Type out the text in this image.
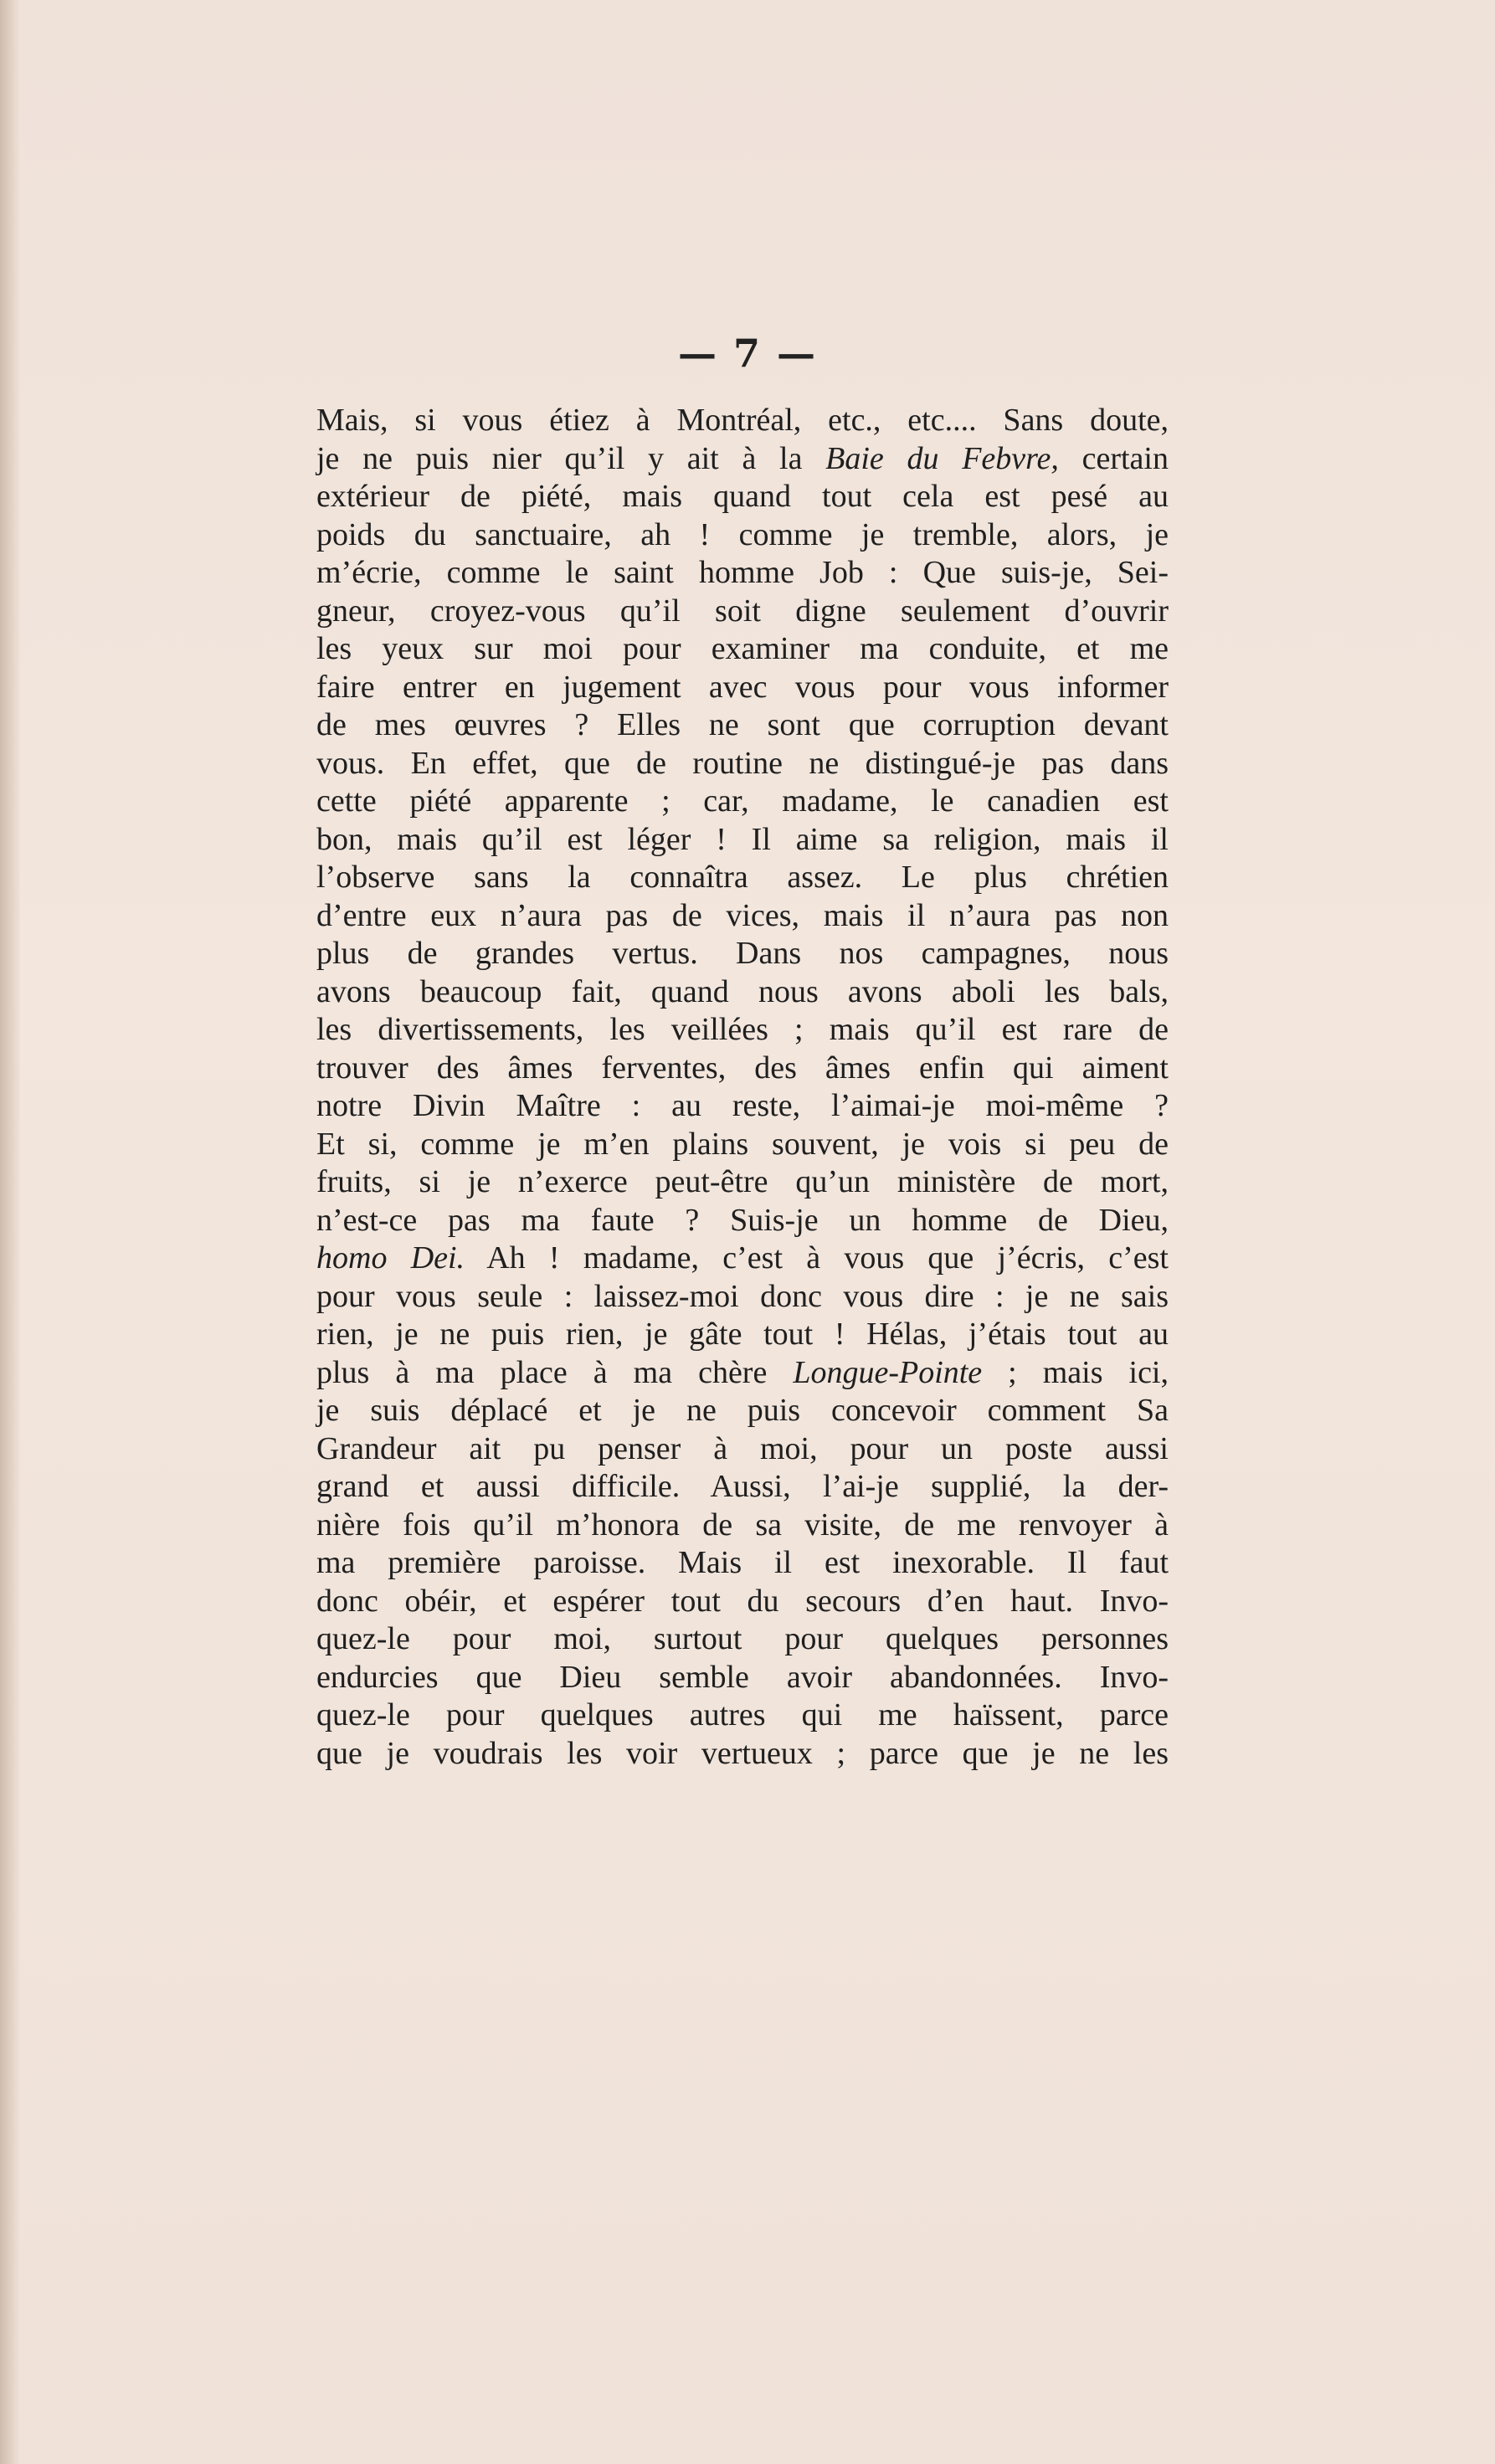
— 7 —
Mais, si vous étiez à Montréal, etc., etc.... Sans doute,
je ne puis nier qu’il y ait à la Baie du Febvre, certain
extérieur de piété, mais quand tout cela est pesé au
poids du sanctuaire, ah ! comme je tremble, alors, je
m’écrie, comme le saint homme Job : Que suis-je, Sei-
gneur, croyez-vous qu’il soit digne seulement d’ouvrir
les yeux sur moi pour examiner ma conduite, et me
faire entrer en jugement avec vous pour vous informer
de mes œuvres ? Elles ne sont que corruption devant
vous. En effet, que de routine ne distingué-je pas dans
cette piété apparente ; car, madame, le canadien est
bon, mais qu’il est léger ! Il aime sa religion, mais il
l’observe sans la connaîtra assez. Le plus chrétien
d’entre eux n’aura pas de vices, mais il n’aura pas non
plus de grandes vertus. Dans nos campagnes, nous
avons beaucoup fait, quand nous avons aboli les bals,
les divertissements, les veillées ; mais qu’il est rare de
trouver des âmes ferventes, des âmes enfin qui aiment
notre Divin Maître : au reste, l’aimai-je moi-même ?
Et si, comme je m’en plains souvent, je vois si peu de
fruits, si je n’exerce peut-être qu’un ministère de mort,
n’est-ce pas ma faute ? Suis-je un homme de Dieu,
homo Dei. Ah ! madame, c’est à vous que j’écris, c’est
pour vous seule : laissez-moi donc vous dire : je ne sais
rien, je ne puis rien, je gâte tout ! Hélas, j’étais tout au
plus à ma place à ma chère Longue-Pointe ; mais ici,
je suis déplacé et je ne puis concevoir comment Sa
Grandeur ait pu penser à moi, pour un poste aussi
grand et aussi difficile. Aussi, l’ai-je supplié, la der-
nière fois qu’il m’honora de sa visite, de me renvoyer à
ma première paroisse. Mais il est inexorable. Il faut
donc obéir, et espérer tout du secours d’en haut. Invo-
quez-le pour moi, surtout pour quelques personnes
endurcies que Dieu semble avoir abandonnées. Invo-
quez-le pour quelques autres qui me haïssent, parce
que je voudrais les voir vertueux ; parce que je ne les
